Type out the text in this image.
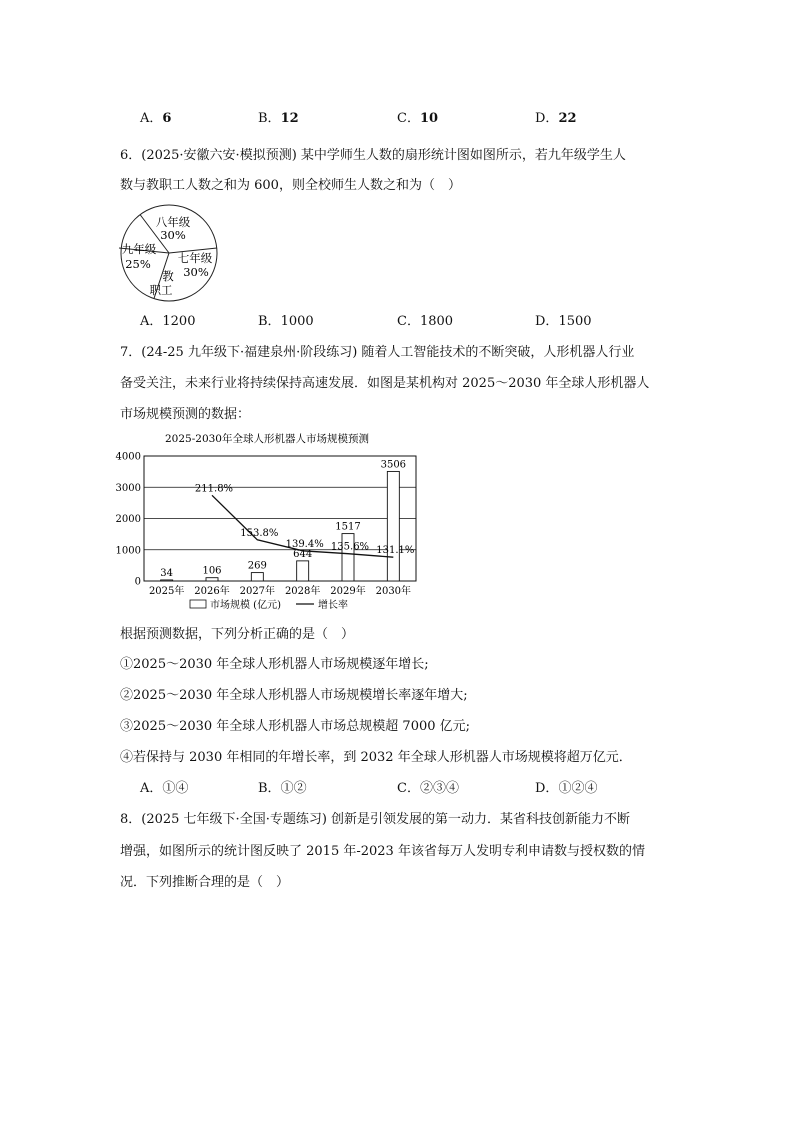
A．6	B．12	C．10	D．22
6．(2025·安徽六安·模拟预测) 某中学师生人数的扇形统计图如图所示，若九年级学生人
数与教职工人数之和为 600，则全校师生人数之和为（　）
八年级
30%
七年级
30%
九年级
25%
教
职工
A．1200	B．1000	C．1800	D．1500
7．(24-25 九年级下·福建泉州·阶段练习) 随着人工智能技术的不断突破，人形机器人行业
备受关注，未来行业将持续保持高速发展．如图是某机构对 2025～2030 年全球人形机器人
市场规模预测的数据：
2025-2030年全球人形机器人市场规模预测
0
1000
2000
3000
4000
34	106	269
644
1517
3506
2025年 2026年 2027年 2028年 2029年 2030年
211.8%
153.8%
139.4% 135.6% 131.1%
市场规模 (亿元)	增长率
根据预测数据，下列分析正确的是（　）
①2025～2030 年全球人形机器人市场规模逐年增长;
②2025～2030 年全球人形机器人市场规模增长率逐年增大;
③2025～2030 年全球人形机器人市场总规模超 7000 亿元;
④若保持与 2030 年相同的年增长率，到 2032 年全球人形机器人市场规模将超万亿元．
A．①④	B．①②	C．②③④	D．①②④
8．(2025 七年级下·全国·专题练习) 创新是引领发展的第一动力．某省科技创新能力不断
增强，如图所示的统计图反映了 2015 年-2023 年该省每万人发明专利申请数与授权数的情
况．下列推断合理的是（　）
